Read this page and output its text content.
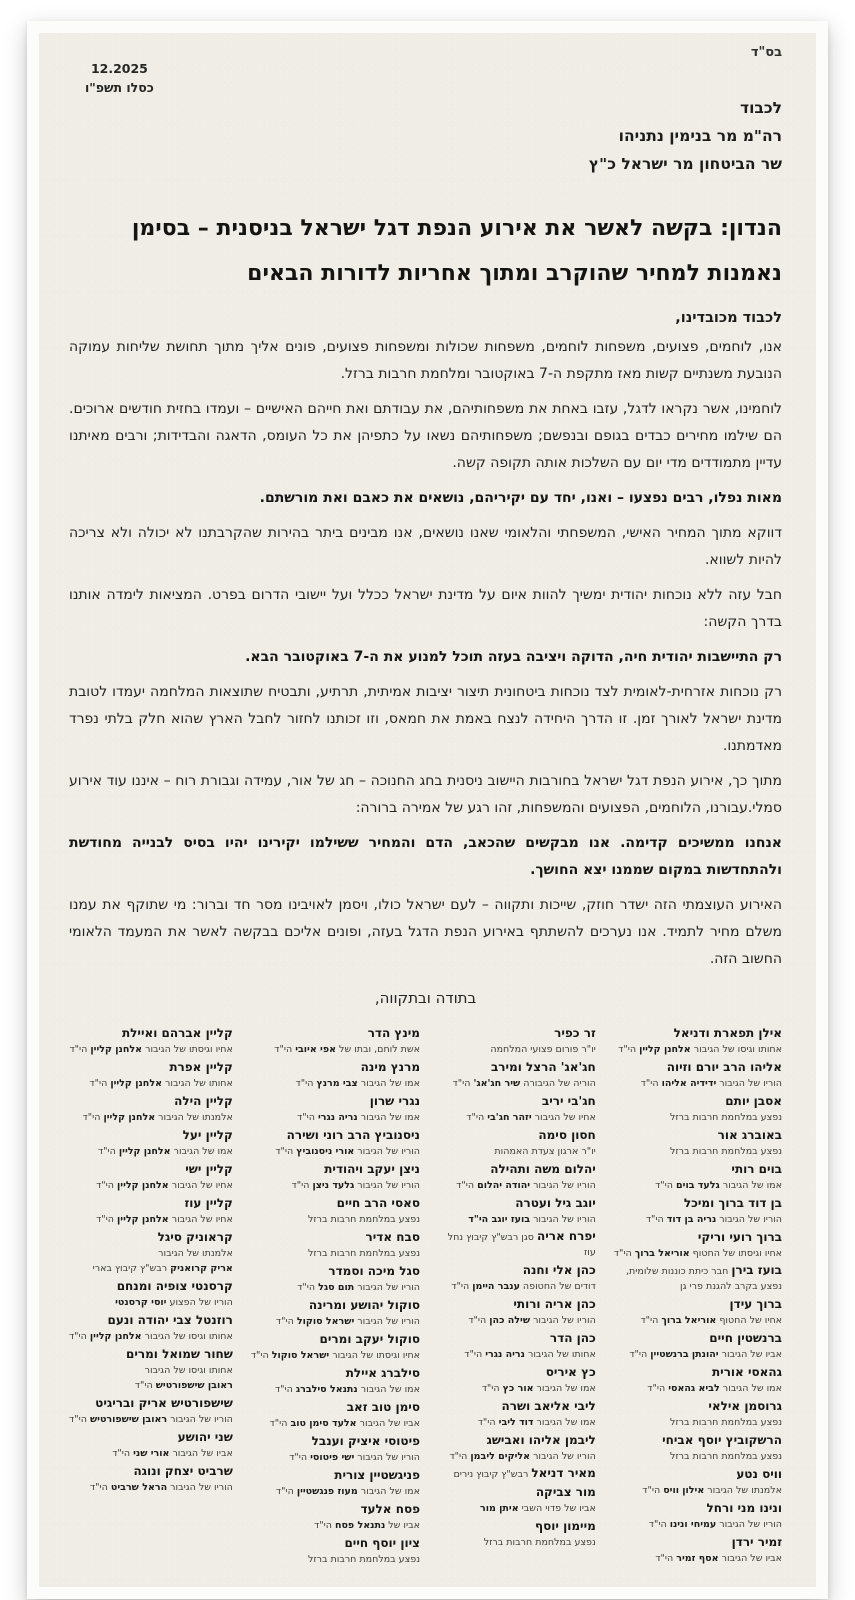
בס"ד
12.2025
כסלו תשפ"ו
לכבוד
רה"מ מר בנימין נתניהו
שר הביטחון מר ישראל כ"ץ
הנדון: בקשה לאשר את אירוע הנפת דגל ישראל בניסנית – בסימן נאמנות למחיר שהוקרב ומתוך אחריות לדורות הבאים
לכבוד מכובדינו,

אנו, לוחמים, פצועים, משפחות לוחמים, משפחות שכולות ומשפחות פצועים, פונים אליך מתוך תחושת שליחות עמוקה הנובעת משנתיים קשות מאז מתקפת ה-7 באוקטובר ומלחמת חרבות ברזל.

לוחמינו, אשר נקראו לדגל, עזבו באחת את משפחותיהם, את עבודתם ואת חייהם האישיים – ועמדו בחזית חודשים ארוכים. הם שילמו מחירים כבדים בגופם ובנפשם; משפחותיהם נשאו על כתפיהן את כל העומס, הדאגה והבדידות; ורבים מאיתנו עדיין מתמודדים מדי יום עם השלכות אותה תקופה קשה.

מאות נפלו, רבים נפצעו – ואנו, יחד עם יקיריהם, נושאים את כאבם ואת מורשתם.

דווקא מתוך המחיר האישי, המשפחתי והלאומי שאנו נושאים, אנו מבינים ביתר בהירות שהקרבתנו לא יכולה ולא צריכה להיות לשווא.

חבל עזה ללא נוכחות יהודית ימשיך להוות איום על מדינת ישראל ככלל ועל יישובי הדרום בפרט. המציאות לימדה אותנו בדרך הקשה:

רק התיישבות יהודית חיה, הדוקה ויציבה בעזה תוכל למנוע את ה-7 באוקטובר הבא.

רק נוכחות אזרחית-לאומית לצד נוכחות ביטחונית תיצור יציבות אמיתית, תרתיע, ותבטיח שתוצאות המלחמה יעמדו לטובת מדינת ישראל לאורך זמן. זו הדרך היחידה לנצח באמת את חמאס, וזו זכותנו לחזור לחבל הארץ שהוא חלק בלתי נפרד מאדמתנו.

מתוך כך, אירוע הנפת דגל ישראל בחורבות היישוב ניסנית בחג החנוכה – חג של אור, עמידה וגבורת רוח – איננו עוד אירוע סמלי.עבורנו, הלוחמים, הפצועים והמשפחות, זהו רגע של אמירה ברורה:

אנחנו ממשיכים קדימה. אנו מבקשים שהכאב, הדם והמחיר ששילמו יקירינו יהיו בסיס לבנייה מחודשת ולהתחדשות במקום שממנו יצא החושך.

האירוע העוצמתי הזה ישדר חוזק, שייכות ותקווה – לעם ישראל כולו, ויסמן לאויבינו מסר חד וברור: מי שתוקף את עמנו משלם מחיר לתמיד. אנו נערכים להשתתף באירוע הנפת הדגל בעזה, ופונים אליכם בבקשה לאשר את המעמד הלאומי החשוב הזה.

בתודה ובתקווה,
אילן תפארת ודניאל
אחותו וגיסו של הגיבור אלחנן קליין הי"ד
אליהו הרב יורם וזיוה
הוריו של הגיבור ידידיה אליהו הי"ד
אסבן יותם
נפצע במלחמת חרבות ברזל
באוברג אור
נפצע במלחמת חרבות ברזל
בוים רותי
אמו של הגיבור גלעד בוים הי"ד
בן דוד ברוך ומיכל
הוריו של הגיבור נריה בן דוד הי"ד
ברוך רועי וריקי
אחיו וגיסתו של החטוף אוריאל ברוך הי"ד

בועז בירן חבר כיתת כוננות שלומית, נפצע בקרב להגנת פרי גן

ברוך עידן
אחיו של החטוף אוריאל ברוך הי"ד
ברנשטין חיים
אביו של הגיבור יהונתן ברנשטיין הי"ד
גהאסי אורית
אמו של הגיבור לביא גהאסי הי"ד
גרוסמן אילאי
נפצע במלחמת חרבות ברזל
הרשקוביץ יוסף אביחי
נפצע במלחמת חרבות ברזל
וויס נטע
אלמנתו של הגיבור אילון וויס הי"ד
ונינו מני ורחל
הוריו של הגיבור עמיחי ונינו הי"ד
זמיר ירדן
אביו של הגיבור אסף זמיר הי"ד
זר כפיר
יו"ר פורום פצועי המלחמה
חג'אג' הרצל ומירב
הוריה של הגיבורה שיר חג'אג' הי"ד
חג'בי יריב
אחיו של הגיבור יזהר חג'בי הי"ד
חסון סימה
יו"ר ארגון צעדת האמהות
יהלום משה ותהילה
הוריו של הגיבור יהודה יהלום הי"ד
יוגב גיל ועטרה
הוריו של הגיבור בועז יוגב הי"ד

יפרח אריה סגן רבש"ץ קיבוץ נחל עוז

כהן אלי וחנה
דודים של החטופה ענבר היימן הי"ד
כהן אריה ורותי
הוריו של הגיבור שילה כהן הי"ד
כהן הדר
אחותו של הגיבור נריה נגרי הי"ד
כץ איריס
אמו של הגיבור אור כץ הי"ד
ליבי אליאב ושרה
אמו של הגיבור דוד ליבי הי"ד
ליבמן אליהו ואבישג
הוריו של הגיבור אליקים ליבמן הי"ד

מאיר דניאל רבש"ץ קיבוץ נירים

מור צביקה
אביו של פדוי השבי איתן מור
מיימון יוסף
נפצע במלחמת חרבות ברזל
מינץ הדר
אשת לוחם, ובתו של אפי איובי הי"ד
מרנץ מינה
אמו של הגיבור צבי מרנץ הי"ד
נגרי שרון
אמו של הגיבור נריה נגרי הי"ד
ניסנוביץ הרב רוני ושירה
הוריו של הגיבור אורי ניסנוביץ הי"ד
ניצן יעקב ויהודית
הוריו של הגיבור גלעד ניצן הי"ד
סאסי הרב חיים
נפצע במלחמת חרבות ברזל
סבח אדיר
נפצע במלחמת חרבות ברזל
סגל מיכה וסמדר
הוריו של הגיבור תום סגל הי"ד
סוקול יהושע ומרינה
הוריו של הגיבור ישראל סוקול הי"ד
סוקול יעקב ומרים
אחיו וגיסתו של הגיבור ישראל סוקול הי"ד
סילברג איילת
אמו של הגיבור נתנאל סילברג הי"ד
סימן טוב זאב
אביו של הגיבור אלעד סימן טוב הי"ד
פיטוסי איציק וענבל
הוריו של הגיבור ישי פיטוסי הי"ד
פניגשטיין צורית
אמו של הגיבור מעוז פנגשטיין הי"ד
פסח אלעד
אביו של נתנאל פסח הי"ד
ציון יוסף חיים
נפצע במלחמת חרבות ברזל
קליין אברהם ואיילת
אחיו וגיסתו של הגיבור אלחנן קליין הי"ד
קליין אפרת
אחותו של הגיבור אלחנן קליין הי"ד
קליין הילה
אלמנתו של הגיבור אלחנן קליין הי"ד
קליין יעל
אמו של הגיבור אלחנן קליין הי"ד
קליין ישי
אחיו של הגיבור אלחנן קליין הי"ד
קליין עוז
אחיו של הגיבור אלחנן קליין הי"ד
קראוניק סיגל
אלמנתו של הגיבור
אריק קרואניק רבש"ץ קיבוץ בארי
קרסנטי צופיה ומנחם
הוריו של הפצוע יוסי קרסנטי
רוזנטל צבי יהודה ונעם
אחותו וגיסו של הגיבור אלחנן קליין הי"ד
שחור שמואל ומרים
אחותו וגיסו של הגיבור
ראובן שישפורטיש הי"ד
שישפורטיש אריק ובריגיט
הוריו של הגיבור ראובן שישפורטיש הי"ד
שני יהושע
אביו של הגיבור אורי שני הי"ד
שרביט יצחק ונוגה
הוריו של הגיבור הראל שרביט הי"ד
